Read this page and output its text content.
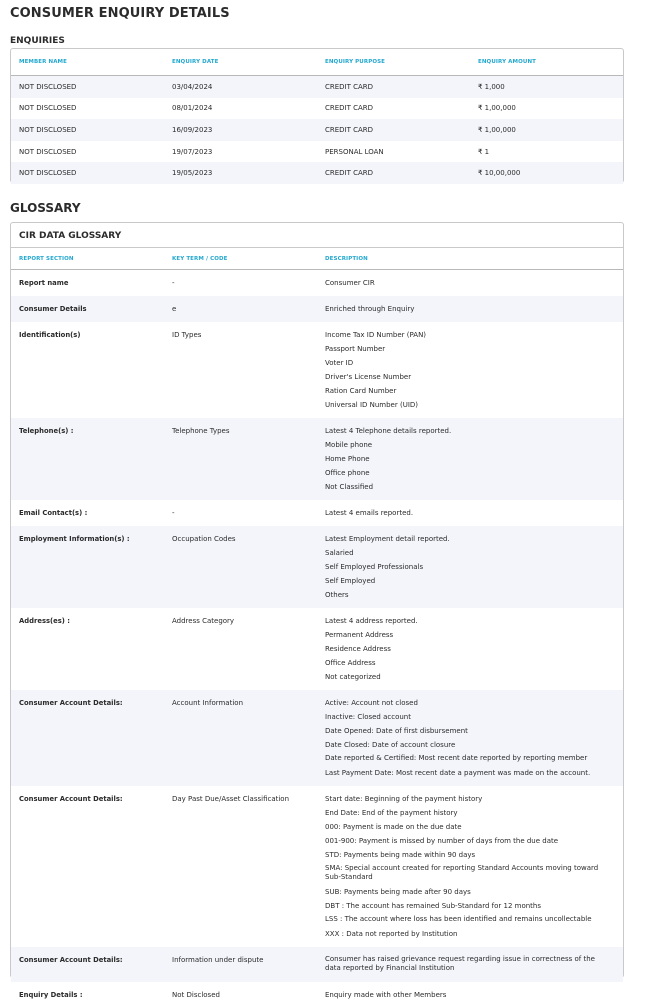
CONSUMER ENQUIRY DETAILS
ENQUIRIES
MEMBER NAME	ENQUIRY DATE	ENQUIRY PURPOSE	ENQUIRY AMOUNT
NOT DISCLOSED	03/04/2024	CREDIT CARD	₹ 1,000
NOT DISCLOSED	08/01/2024	CREDIT CARD	₹ 1,00,000
NOT DISCLOSED	16/09/2023	CREDIT CARD	₹ 1,00,000
NOT DISCLOSED	19/07/2023	PERSONAL LOAN	₹ 1
NOT DISCLOSED	19/05/2023	CREDIT CARD	₹ 10,00,000
GLOSSARY
CIR DATA GLOSSARY
REPORT SECTION	KEY TERM / CODE	DESCRIPTION
Report name	-	Consumer CIR
Consumer Details	e	Enriched through Enquiry
Identification(s)	ID Types	Income Tax ID Number (PAN)
Passport Number
Voter ID
Driver's License Number
Ration Card Number
Universal ID Number (UID)
Telephone(s) :	Telephone Types	Latest 4 Telephone details reported.
Mobile phone
Home Phone
Office phone
Not Classified
Email Contact(s) :	-	Latest 4 emails reported.
Employment Information(s) :	Occupation Codes	Latest Employment detail reported.
Salaried
Self Employed Professionals
Self Employed
Others
Address(es) :	Address Category	Latest 4 address reported.
Permanent Address
Residence Address
Office Address
Not categorized
Consumer Account Details:	Account Information	Active: Account not closed
Inactive: Closed account
Date Opened: Date of first disbursement
Date Closed: Date of account closure
Date reported & Certified: Most recent date reported by reporting member
Last Payment Date: Most recent date a payment was made on the account.
Consumer Account Details:	Day Past Due/Asset Classification	Start date: Beginning of the payment history
End Date: End of the payment history
000: Payment is made on the due date
001-900: Payment is missed by number of days from the due date
STD: Payments being made within 90 days
SMA: Special account created for reporting Standard Accounts moving toward Sub-Standard
SUB: Payments being made after 90 days
DBT : The account has remained Sub-Standard for 12 months
LSS : The account where loss has been identified and remains uncollectable
XXX : Data not reported by Institution
Consumer Account Details:	Information under dispute	Consumer has raised grievance request regarding issue in correctness of the data reported by Financial Institution
Enquiry Details :	Not Disclosed	Enquiry made with other Members
